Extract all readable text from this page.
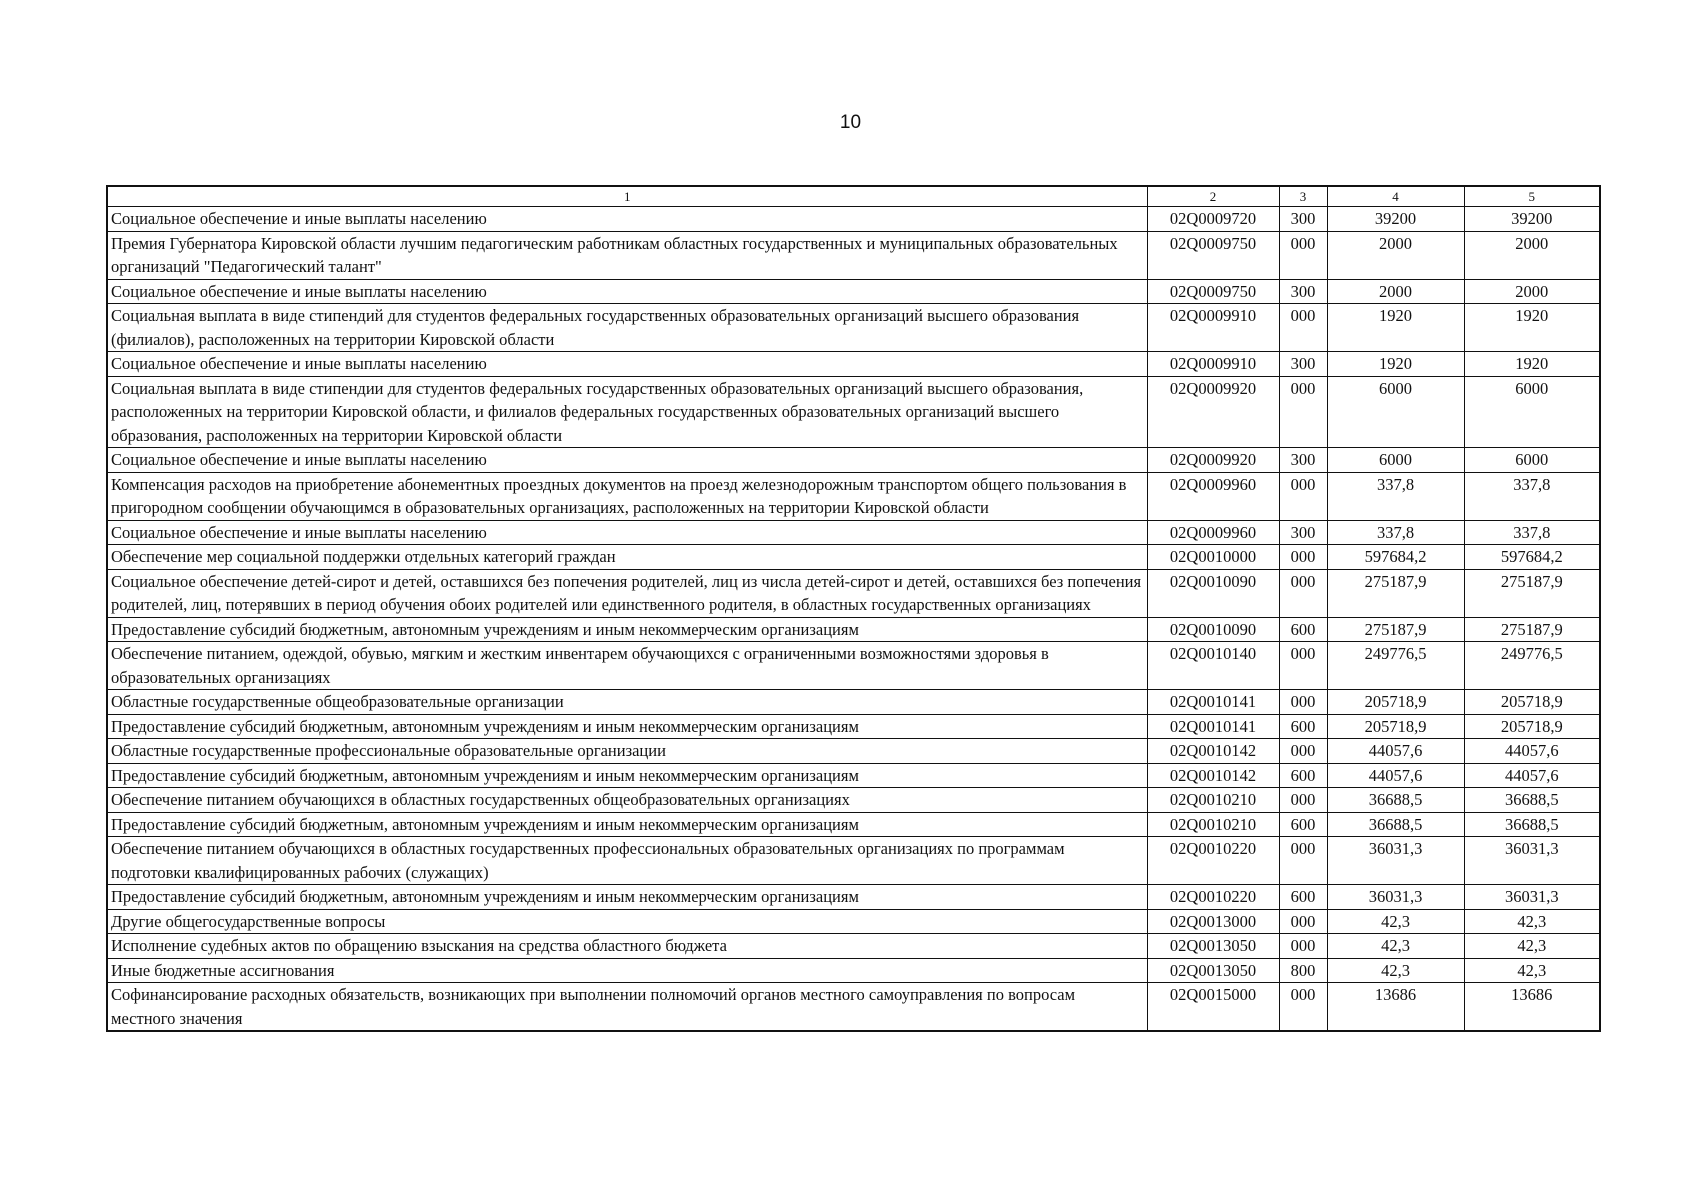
10
1	2	3	4	5
Социальное обеспечение и иные выплаты населению	02Q0009720	300	39200	39200
Премия Губернатора Кировской области лучшим педагогическим работникам областных государственных и муниципальных образовательных организаций "Педагогический талант"	02Q0009750	000	2000	2000
Социальное обеспечение и иные выплаты населению	02Q0009750	300	2000	2000
Социальная выплата в виде стипендий для студентов федеральных государственных образовательных организаций высшего образования (филиалов), расположенных на территории Кировской области	02Q0009910	000	1920	1920
Социальное обеспечение и иные выплаты населению	02Q0009910	300	1920	1920
Социальная выплата в виде стипендии для студентов федеральных государственных образовательных организаций высшего образования, расположенных на территории Кировской области, и филиалов федеральных государственных образовательных организаций высшего образования, расположенных на территории Кировской области	02Q0009920	000	6000	6000
Социальное обеспечение и иные выплаты населению	02Q0009920	300	6000	6000
Компенсация расходов на приобретение абонементных проездных документов на проезд железнодорожным транспортом общего пользования в пригородном сообщении обучающимся в образовательных организациях, расположенных на территории Кировской области	02Q0009960	000	337,8	337,8
Социальное обеспечение и иные выплаты населению	02Q0009960	300	337,8	337,8
Обеспечение мер социальной поддержки отдельных категорий граждан	02Q0010000	000	597684,2	597684,2
Социальное обеспечение детей-сирот и детей, оставшихся без попечения родителей, лиц из числа детей-сирот и детей, оставшихся без попечения родителей, лиц, потерявших в период обучения обоих родителей или единственного родителя, в областных государственных организациях	02Q0010090	000	275187,9	275187,9
Предоставление субсидий бюджетным, автономным учреждениям и иным некоммерческим организациям	02Q0010090	600	275187,9	275187,9
Обеспечение питанием, одеждой, обувью, мягким и жестким инвентарем обучающихся с ограниченными возможностями здоровья в образовательных организациях	02Q0010140	000	249776,5	249776,5
Областные государственные общеобразовательные организации	02Q0010141	000	205718,9	205718,9
Предоставление субсидий бюджетным, автономным учреждениям и иным некоммерческим организациям	02Q0010141	600	205718,9	205718,9
Областные государственные профессиональные образовательные организации	02Q0010142	000	44057,6	44057,6
Предоставление субсидий бюджетным, автономным учреждениям и иным некоммерческим организациям	02Q0010142	600	44057,6	44057,6
Обеспечение питанием обучающихся в областных государственных общеобразовательных организациях	02Q0010210	000	36688,5	36688,5
Предоставление субсидий бюджетным, автономным учреждениям и иным некоммерческим организациям	02Q0010210	600	36688,5	36688,5
Обеспечение питанием обучающихся в областных государственных профессиональных образовательных организациях по программам подготовки квалифицированных рабочих (служащих)	02Q0010220	000	36031,3	36031,3
Предоставление субсидий бюджетным, автономным учреждениям и иным некоммерческим организациям	02Q0010220	600	36031,3	36031,3
Другие общегосударственные вопросы	02Q0013000	000	42,3	42,3
Исполнение судебных актов по обращению взыскания на средства областного бюджета	02Q0013050	000	42,3	42,3
Иные бюджетные ассигнования	02Q0013050	800	42,3	42,3
Софинансирование расходных обязательств, возникающих при выполнении полномочий органов местного самоуправления по вопросам местного значения	02Q0015000	000	13686	13686
